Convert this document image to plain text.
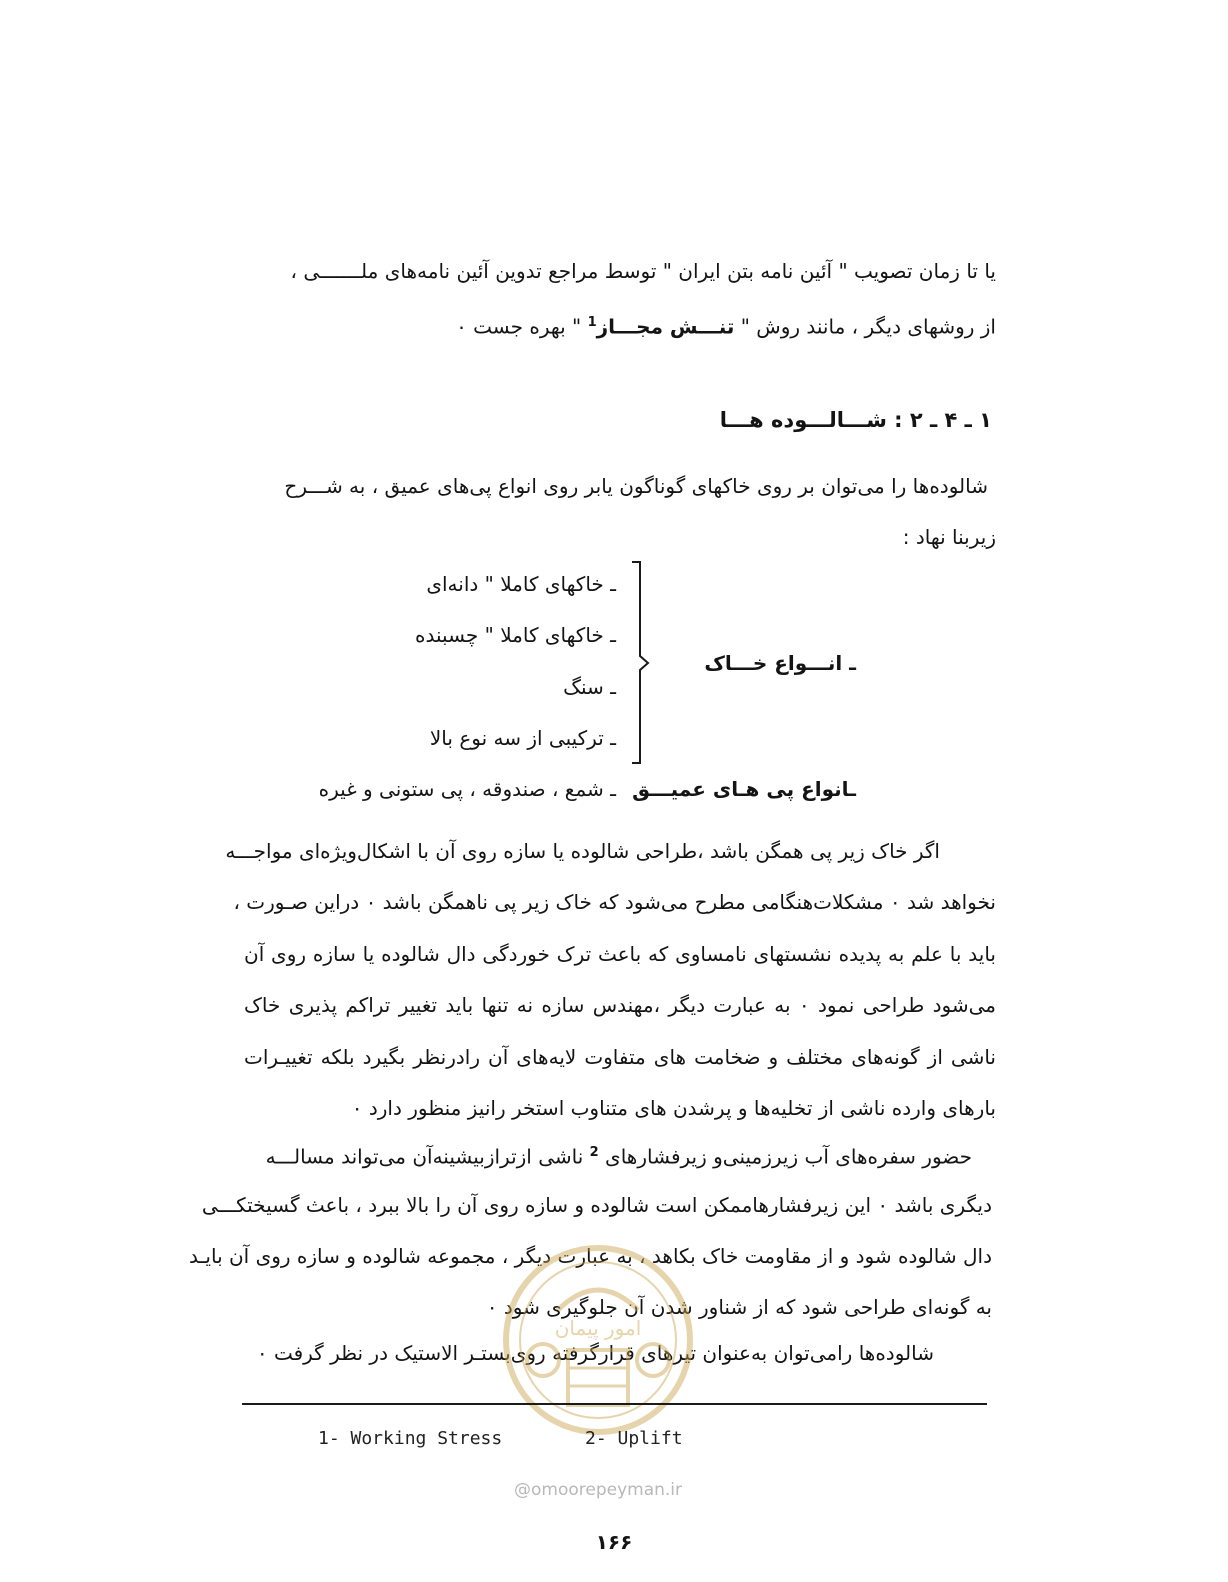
یا تا زمان تصویب " آئین نامه بتن ایران " توسط مراجع تدوین آئین نامه‌های ملـــــــی ،
از روشهای دیگر ، مانند روش " تنـــش مجـــاز$^1$ " بهره جست ٠
۱ ـ ۴ ـ ۲ : شـــالـــوده هـــا
شالوده‌ها را می‌توان بر روی خاکهای گوناگون یابر روی انواع پی‌های عمیق ، به شـــرح
زیربنا نهاد :
ـ خاکهای کاملا " دانه‌ای
ـ خاکهای کاملا " چسبنده
ـ سنگ
ـ ترکیبی از سه نوع بالا
ـ انـــواع خـــاک
ـانواع پی هـای عمیـــق
ـ شمع ، صندوقه ، پی ستونی و غیره
اگر خاک زیر پی همگن باشد ،طراحی شالوده یا سازه روی آن با اشکال‌ویژه‌ای مواجـــه
نخواهد شد ٠ مشکلات‌هنگامی مطرح می‌شود که خاک زیر پی ناهمگن باشد ٠ دراین صـورت ،
باید با علم به پدیده نشستهای نامساوی که باعث ترک خوردگی دال شالوده یا سازه روی آن
می‌شود طراحی نمود ٠ به عبارت دیگر ،مهندس سازه نه تنها باید تغییر تراکم پذیری خاک
ناشی از گونه‌های مختلف و ضخامت های متفاوت لایه‌های آن رادرنظر بگیرد بلکه تغییـرات
بارهای وارده ناشی از تخلیه‌ها و پرشدن های متناوب استخر رانیز منظور دارد ٠
حضور سفره‌های آب زیرزمینی‌و زیرفشارهای $^2$ ناشی ازتراز‌بیشینه‌آن می‌تواند مسالـــه
دیگری باشد ٠ این زیرفشارهاممکن است شالوده و سازه روی آن را بالا ببرد ، باعث گسیختکـــی
دال شالوده شود و از مقاومت خاک بکاهد ، به عبارت دیگر ، مجموعه شالوده و سازه روی آن بایـد
به گونه‌ای طراحی شود که از شناور شدن آن جلوگیری شود ٠
شالوده‌ها رامی‌توان به‌عنوان تیرهای قرارگرفته روی‌بستـر الاستیک در نظر گرفت ٠
امور پیمان
1- Working Stress	2- Uplift
@omoorepeyman.ir
۱۶۶
